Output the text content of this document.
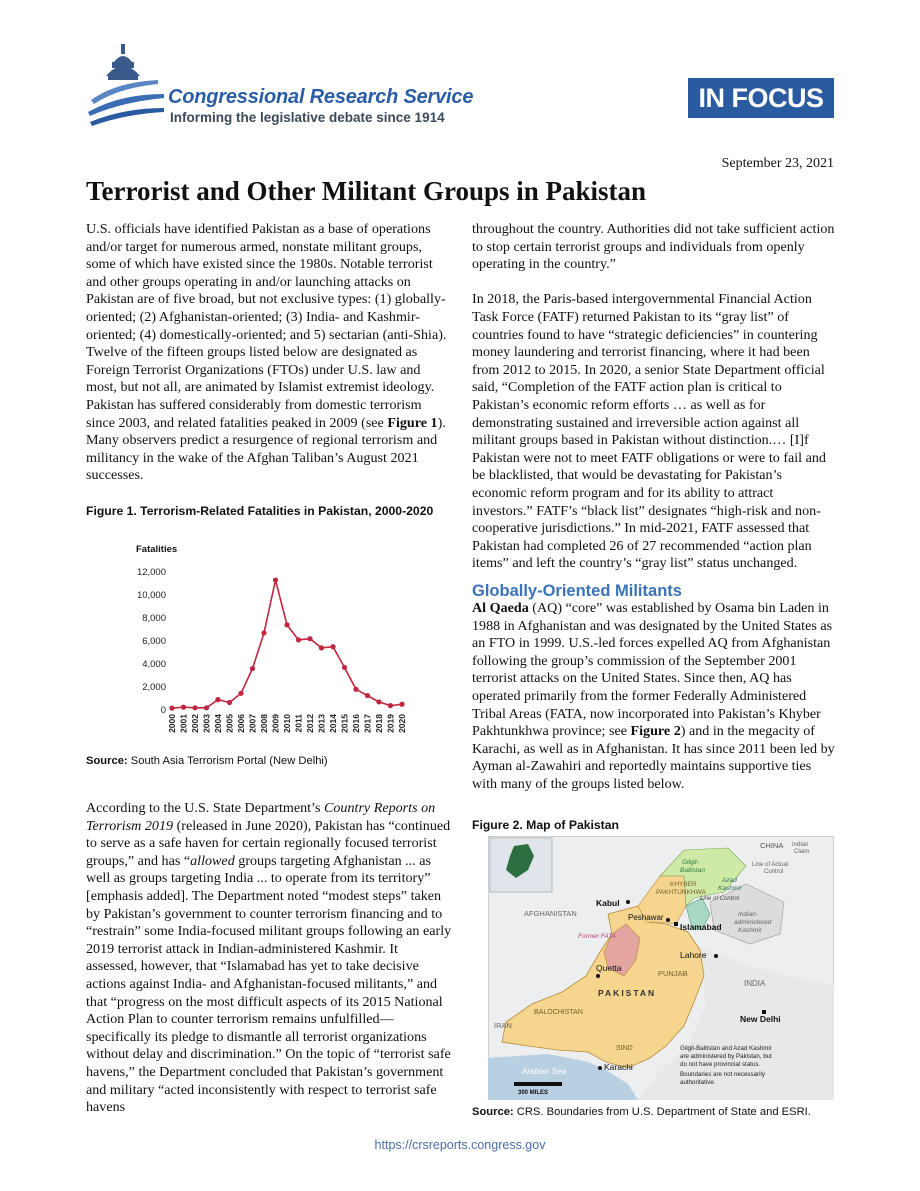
Congressional Research Service
Informing the legislative debate since 1914
IN FOCUS
September 23, 2021
Terrorist and Other Militant Groups in Pakistan

U.S. officials have identified Pakistan as a base of operations and/or target for numerous armed, nonstate militant groups, some of which have existed since the 1980s. Notable terrorist and other groups operating in and/or launching attacks on Pakistan are of five broad, but not exclusive types: (1) globally-oriented; (2) Afghanistan-oriented; (3) India- and Kashmir-oriented; (4) domestically-oriented; and 5) sectarian (anti-Shia). Twelve of the fifteen groups listed below are designated as Foreign Terrorist Organizations (FTOs) under U.S. law and most, but not all, are animated by Islamist extremist ideology. Pakistan has suffered considerably from domestic terrorism since 2003, and related fatalities peaked in 2009 (see Figure 1). Many observers predict a resurgence of regional terrorism and militancy in the wake of the Afghan Taliban’s August 2021 successes.

Figure 1. Terrorism-Related Fatalities in Pakistan, 2000-2020
Fatalities
0
2,000
4,000
6,000
8,000
10,000
12,000
2000 2001 2002 2003 2004 2005 2006 2007 2008 2009 2010 2011 2012 2013 2014 2015 2016 2017 2018 2019 2020
Source: South Asia Terrorism Portal (New Delhi)

According to the U.S. State Department’s Country Reports on Terrorism 2019 (released in June 2020), Pakistan has “continued to serve as a safe haven for certain regionally focused terrorist groups,” and has “allowed groups targeting Afghanistan ... as well as groups targeting India ... to operate from its territory” [emphasis added]. The Department noted “modest steps” taken by Pakistan’s government to counter terrorism financing and to “restrain” some India-focused militant groups following an early 2019 terrorist attack in Indian-administered Kashmir. It assessed, however, that “Islamabad has yet to take decisive actions against India- and Afghanistan-focused militants,” and that “progress on the most difficult aspects of its 2015 National Action Plan to counter terrorism remains unfulfilled—specifically its pledge to dismantle all terrorist organizations without delay and discrimination.” On the topic of “terrorist safe havens,” the Department concluded that Pakistan’s government and military “acted inconsistently with respect to terrorist safe havens

throughout the country. Authorities did not take sufficient action to stop certain terrorist groups and individuals from openly operating in the country.”

In 2018, the Paris-based intergovernmental Financial Action Task Force (FATF) returned Pakistan to its “gray list” of countries found to have “strategic deficiencies” in countering money laundering and terrorist financing, where it had been from 2012 to 2015. In 2020, a senior State Department official said, “Completion of the FATF action plan is critical to Pakistan’s economic reform efforts … as well as for demonstrating sustained and irreversible action against all militant groups based in Pakistan without distinction.… [I]f Pakistan were not to meet FATF obligations or were to fail and be blacklisted, that would be devastating for Pakistan’s economic reform program and for its ability to attract investors.” FATF’s “black list” designates “high-risk and non-cooperative jurisdictions.” In mid-2021, FATF assessed that Pakistan had completed 26 of 27 recommended “action plan items” and left the country’s “gray list” status unchanged.

Globally-Oriented Militants

Al Qaeda (AQ) “core” was established by Osama bin Laden in 1988 in Afghanistan and was designated by the United States as an FTO in 1999. U.S.-led forces expelled AQ from Afghanistan following the group’s commission of the September 2001 terrorist attacks on the United States. Since then, AQ has operated primarily from the former Federally Administered Tribal Areas (FATA, now incorporated into Pakistan’s Khyber Pakhtunkhwa province; see Figure 2) and in the megacity of Karachi, as well as in Afghanistan. It has since 2011 been led by Ayman al-Zawahiri and reportedly maintains supportive ties with many of the groups listed below.

Figure 2. Map of Pakistan
CHINA Indian
Claim
Line of Actual
Control
Gilgit-
Baltistan
Azad
Kashmir
Line of Control
KHYBER
PAKHTUNKHWA
Kabul
AFGHANISTAN	Peshawar
Islamabad
Former FATA
Indian-
administered
Kashmir
Lahore
Quetta
PUNJAB
INDIA
PAKISTAN
BALOCHISTAN
New Delhi
IRAN
SIND
Karachi
Arabian Sea
300 MILES
Gilgit-Baltistan and Azad Kashmir
are administered by Pakistan, but
do not have provincial status.
Boundaries are not necessarily
authoritative.
Source: CRS. Boundaries from U.S. Department of State and ESRI.
https://crsreports.congress.gov
